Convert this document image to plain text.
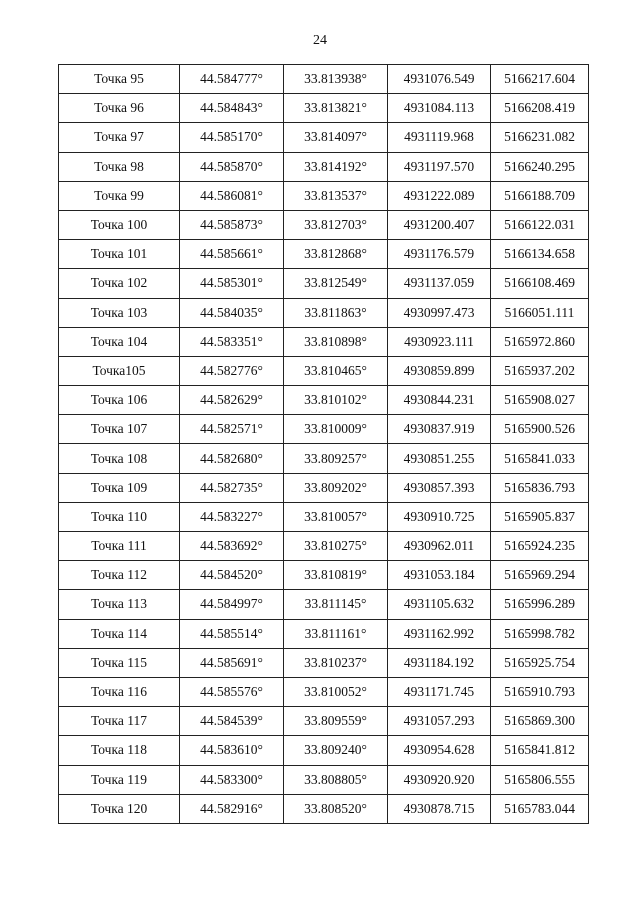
24
Точка 95	44.584777°	33.813938°	4931076.549	5166217.604
Точка 96	44.584843°	33.813821°	4931084.113	5166208.419
Точка 97	44.585170°	33.814097°	4931119.968	5166231.082
Точка 98	44.585870°	33.814192°	4931197.570	5166240.295
Точка 99	44.586081°	33.813537°	4931222.089	5166188.709
Точка 100	44.585873°	33.812703°	4931200.407	5166122.031
Точка 101	44.585661°	33.812868°	4931176.579	5166134.658
Точка 102	44.585301°	33.812549°	4931137.059	5166108.469
Точка 103	44.584035°	33.811863°	4930997.473	5166051.111
Точка 104	44.583351°	33.810898°	4930923.111	5165972.860
Точка105	44.582776°	33.810465°	4930859.899	5165937.202
Точка 106	44.582629°	33.810102°	4930844.231	5165908.027
Точка 107	44.582571°	33.810009°	4930837.919	5165900.526
Точка 108	44.582680°	33.809257°	4930851.255	5165841.033
Точка 109	44.582735°	33.809202°	4930857.393	5165836.793
Точка 110	44.583227°	33.810057°	4930910.725	5165905.837
Точка 111	44.583692°	33.810275°	4930962.011	5165924.235
Точка 112	44.584520°	33.810819°	4931053.184	5165969.294
Точка 113	44.584997°	33.811145°	4931105.632	5165996.289
Точка 114	44.585514°	33.811161°	4931162.992	5165998.782
Точка 115	44.585691°	33.810237°	4931184.192	5165925.754
Точка 116	44.585576°	33.810052°	4931171.745	5165910.793
Точка 117	44.584539°	33.809559°	4931057.293	5165869.300
Точка 118	44.583610°	33.809240°	4930954.628	5165841.812
Точка 119	44.583300°	33.808805°	4930920.920	5165806.555
Точка 120	44.582916°	33.808520°	4930878.715	5165783.044
